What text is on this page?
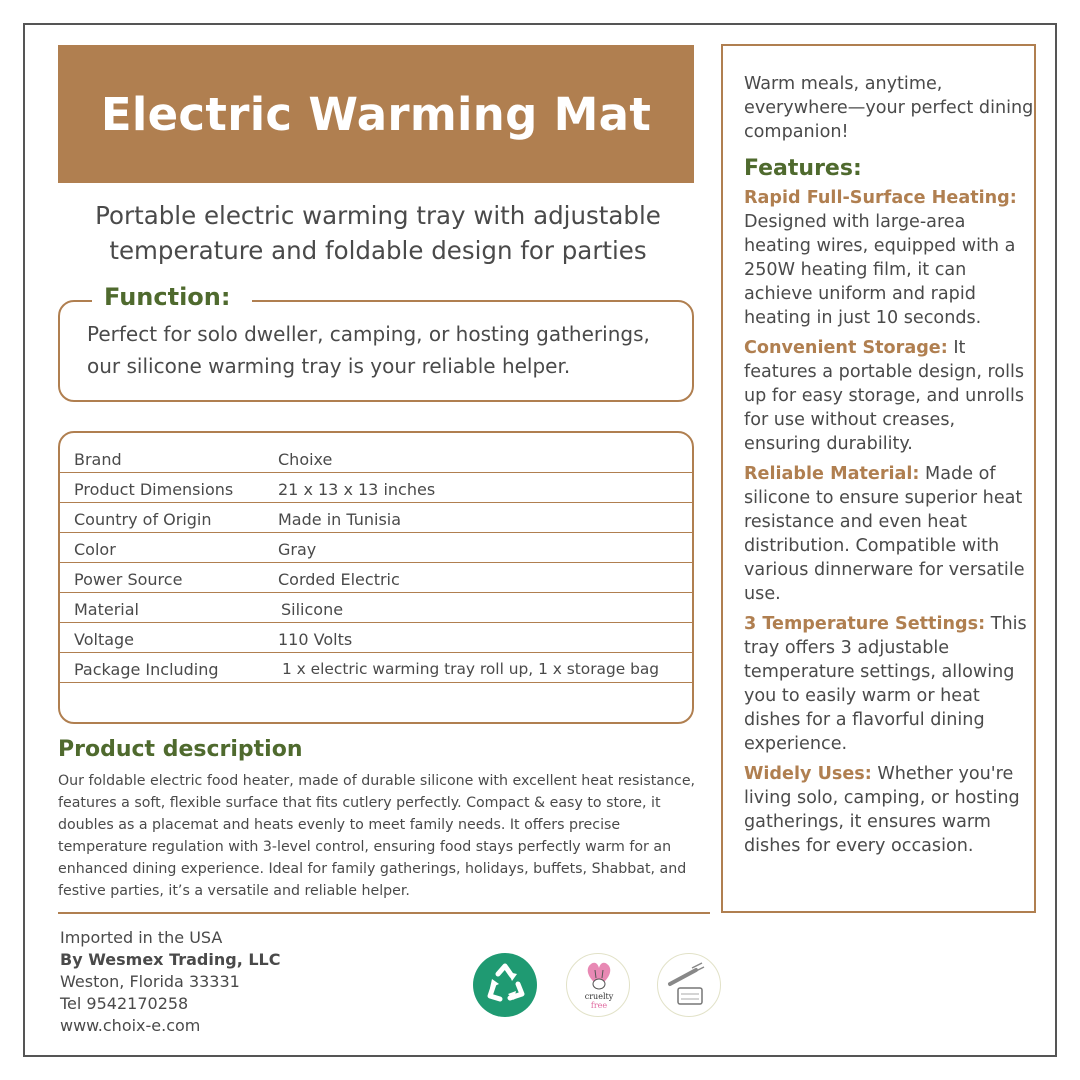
Electric Warming Mat
Portable electric warming tray with adjustable temperature and foldable design for parties
Function:
Perfect for solo dweller, camping, or hosting gatherings, our silicone warming tray is your reliable helper.
Brand	Choixe
Product Dimensions	21 x 13 x 13 inches
Country of Origin	Made in Tunisia
Color	Gray
Power Source	Corded Electric
Material	Silicone
Voltage	110 Volts
Package Including	1 x electric warming tray roll up, 1 x storage bag
Product description
Our foldable electric food heater, made of durable silicone with excellent heat resistance, features a soft, flexible surface that fits cutlery perfectly. Compact & easy to store, it doubles as a placemat and heats evenly to meet family needs. It offers precise temperature regulation with 3-level control, ensuring food stays perfectly warm for an enhanced dining experience. Ideal for family gatherings, holidays, buffets, Shabbat, and festive parties, it’s a versatile and reliable helper.
Imported in the USA
By Wesmex Trading, LLC
Weston, Florida 33331
Tel 9542170258
www.choix-e.com
cruelty
free
Warm meals, anytime, everywhere—your perfect dining companion!
Features:
Rapid Full-Surface Heating: Designed with large-area heating wires, equipped with a 250W heating film, it can achieve uniform and rapid heating in just 10 seconds.
Convenient Storage: It features a portable design, rolls up for easy storage, and unrolls for use without creases, ensuring durability.
Reliable Material: Made of silicone to ensure superior heat resistance and even heat distribution. Compatible with various dinnerware for versatile use.
3 Temperature Settings: This tray offers 3 adjustable temperature settings, allowing you to easily warm or heat dishes for a flavorful dining experience.
Widely Uses: Whether you're living solo, camping, or hosting gatherings, it ensures warm dishes for every occasion.
